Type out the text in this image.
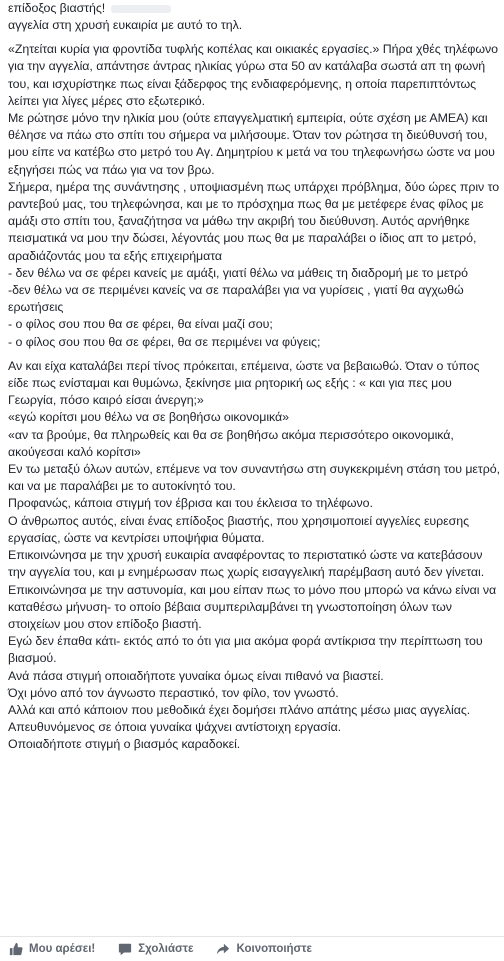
επίδοξος βιαστής!

αγγελία στη χρυσή ευκαιρία με αυτό το τηλ.

«Ζητείται κυρία για φροντίδα τυφλής κοπέλας και οικιακές εργασίες.» Πήρα χθές τηλέφωνο για την αγγελία, απάντησε άντρας ηλικίας γύρω στα 50 αν κατάλαβα σωστά απ τη φωνή του, και ισχυρίστηκε πως είναι ξάδερφος της ενδιαφερόμενης, η οποία παρεπιπτόντως λείπει για λίγες μέρες στο εξωτερικό.

Με ρώτησε μόνο την ηλικία μου (ούτε επαγγελματική εμπειρία, ούτε σχέση με ΑΜΕΑ) και θέλησε να πάω στο σπίτι του σήμερα να μιλήσουμε. Όταν τον ρώτησα τη διεύθυνσή του, μου είπε να κατέβω στο μετρό του Αγ. Δημητρίου κ μετά να του τηλεφωνήσω ώστε να μου εξηγήσει πώς να πάω για να τον βρω.

Σήμερα, ημέρα της συνάντησης , υποψιασμένη πως υπάρχει πρόβλημα, δύο ώρες πριν το ραντεβού μας, του τηλεφώνησα, και με το πρόσχημα πως θα με μετέφερε ένας φίλος με αμάξι στο σπίτι του, ξαναζήτησα να μάθω την ακριβή του διεύθυνση. Αυτός αρνήθηκε πεισματικά να μου την δώσει, λέγοντάς μου πως θα με παραλάβει ο ίδιος απ το μετρό, αραδιάζοντάς μου τα εξής επιχειρήματα

- δεν θέλω να σε φέρει κανείς με αμάξι, γιατί θέλω να μάθεις τη διαδρομή με το μετρό

-δεν θέλω να σε περιμένει κανείς να σε παραλάβει για να γυρίσεις , γιατί θα αγχωθώ

ερωτήσεις

- ο φίλος σου που θα σε φέρει, θα είναι μαζί σου;

- ο φίλος σου που θα σε φέρει, θα σε περιμένει να φύγεις;

Αν και είχα καταλάβει περί τίνος πρόκειται, επέμεινα, ώστε να βεβαιωθώ. Όταν ο τύπος είδε πως ενίσταμαι και θυμώνω, ξεκίνησε μια ρητορική ως εξής : « και για πες μου Γεωργία, πόσο καιρό είσαι άνεργη;»

«εγώ κορίτσι μου θέλω να σε βοηθήσω οικονομικά»

«αν τα βρούμε, θα πληρωθείς και θα σε βοηθήσω ακόμα περισσότερο οικονομικά, ακούγεσαι καλό κορίτσι»

Εν τω μεταξύ όλων αυτών, επέμενε να τον συναντήσω στη συγκεκριμένη στάση του μετρό, και να με παραλάβει με το αυτοκίνητό του.

Προφανώς, κάποια στιγμή τον έβρισα και του έκλεισα το τηλέφωνο.

Ο άνθρωπος αυτός, είναι ένας επίδοξος βιαστής, που χρησιμοποιεί αγγελίες ευρεσης εργασίας, ώστε να κεντρίσει υποψήφια θύματα.

Επικοινώνησα με την χρυσή ευκαιρία αναφέροντας το περιστατικό ώστε να κατεβάσουν την αγγελία του, και μ ενημέρωσαν πως χωρίς εισαγγελική παρέμβαση αυτό δεν γίνεται.

Επικοινώνησα με την αστυνομία, και μου είπαν πως το μόνο που μπορώ να κάνω είναι να καταθέσω μήνυση- το οποίο βέβαια συμπεριλαμβάνει τη γνωστοποίηση όλων των στοιχείων μου στον επίδοξο βιαστή.

Εγώ δεν έπαθα κάτι- εκτός από το ότι για μια ακόμα φορά αντίκρισα την περίπτωση του βιασμού.

Ανά πάσα στιγμή οποιαδήποτε γυναίκα όμως είναι πιθανό να βιαστεί.

Όχι μόνο από τον άγνωστο περαστικό, τον φίλο, τον γνωστό.

Αλλά και από κάποιον που μεθοδικά έχει δομήσει πλάνο απάτης μέσω μιας αγγελίας. Απευθυνόμενος σε όποια γυναίκα ψάχνει αντίστοιχη εργασία.

Οποιαδήποτε στιγμή ο βιασμός καραδοκεί.

Μου αρέσει!	Σχολιάστε	Κοινοποιήστε
